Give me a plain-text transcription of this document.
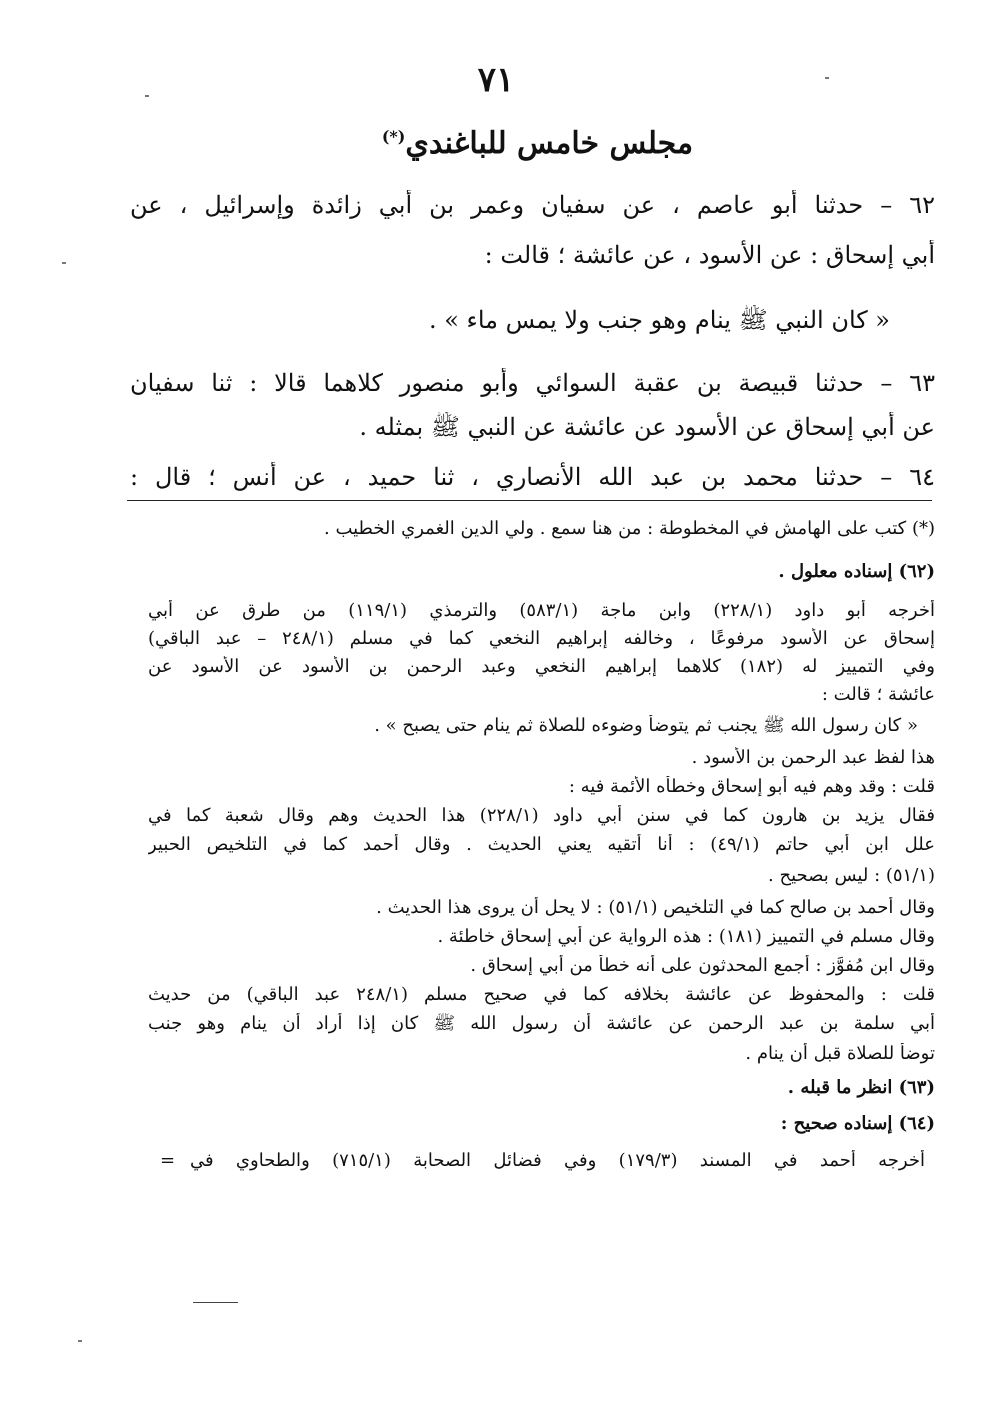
٧١
مجلس خامس للباغندي(*)
٦٢ – حدثنا أبو عاصم ، عن سفيان وعمر بن أبي زائدة وإسرائيل ، عن
أبي إسحاق : عن الأسود ، عن عائشة ؛ قالت :
« كان النبي ﷺ ينام وهو جنب ولا يمس ماء » .
٦٣ – حدثنا قبيصة بن عقبة السوائي وأبو منصور كلاهما قالا : ثنا سفيان
عن أبي إسحاق عن الأسود عن عائشة عن النبي ﷺ بمثله .
٦٤ – حدثنا محمد بن عبد الله الأنصاري ، ثنا حميد ، عن أنس ؛ قال :
(*) كتب على الهامش في المخطوطة : من هنا سمع . ولي الدين الغمري الخطيب .
(٦٢) إسناده معلول .
أخرجه أبو داود (٢٢٨/١) وابن ماجة (٥٨٣/١) والترمذي (١١٩/١) من طرق عن أبي
إسحاق عن الأسود مرفوعًا ، وخالفه إبراهيم النخعي كما في مسلم (٢٤٨/١ – عبد الباقي)
وفي التمييز له (١٨٢) كلاهما إبراهيم النخعي وعبد الرحمن بن الأسود عن الأسود عن
عائشة ؛ قالت :
« كان رسول الله ﷺ يجنب ثم يتوضأ وضوءه للصلاة ثم ينام حتى يصبح » .
هذا لفظ عبد الرحمن بن الأسود .
قلت : وقد وهم فيه أبو إسحاق وخطأه الأئمة فيه :
فقال يزيد بن هارون كما في سنن أبي داود (٢٢٨/١) هذا الحديث وهم وقال شعبة كما في
علل ابن أبي حاتم (٤٩/١) : أنا أتقيه يعني الحديث . وقال أحمد كما في التلخيص الحبير
(٥١/١) : ليس بصحيح .
وقال أحمد بن صالح كما في التلخيص (٥١/١) : لا يحل أن يروى هذا الحديث .
وقال مسلم في التمييز (١٨١) : هذه الرواية عن أبي إسحاق خاطئة .
وقال ابن مُفوَّز : أجمع المحدثون على أنه خطأ من أبي إسحاق .
قلت : والمحفوظ عن عائشة بخلافه كما في صحيح مسلم (٢٤٨/١ عبد الباقي) من حديث
أبي سلمة بن عبد الرحمن عن عائشة أن رسول الله ﷺ كان إذا أراد أن ينام وهو جنب
توضأ للصلاة قبل أن ينام .
(٦٣) انظر ما قبله .
(٦٤) إسناده صحيح :
أخرجه أحمد في المسند (١٧٩/٣) وفي فضائل الصحابة (٧١٥/١) والطحاوي في
=
